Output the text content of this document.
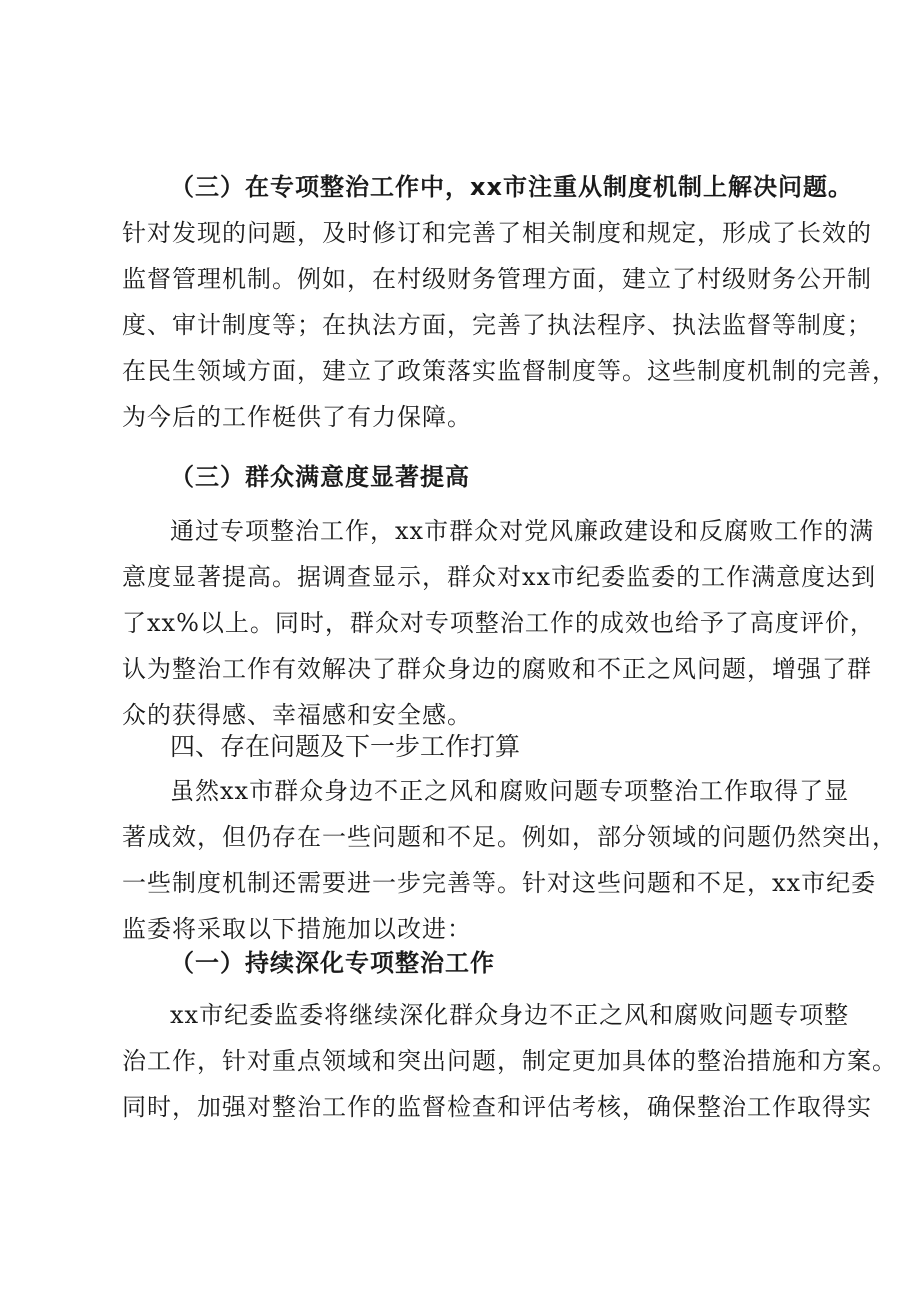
（三）在专项整治工作中，xx市注重从制度机制上解决问题。
针对发现的问题，及时修订和完善了相关制度和规定，形成了长效的
监督管理机制。例如，在村级财务管理方面，建立了村级财务公开制
度、审计制度等；在执法方面，完善了执法程序、执法监督等制度；
在民生领域方面，建立了政策落实监督制度等。这些制度机制的完善，
为今后的工作梃供了有力保障。
（三）群众满意度显著提高
通过专项整治工作，xx市群众对党风廉政建设和反腐败工作的满
意度显著提高。据调查显示，群众对xx市纪委监委的工作满意度达到
了xx%以上。同时，群众对专项整治工作的成效也给予了高度评价，
认为整治工作有效解决了群众身边的腐败和不正之风问题，增强了群
众的获得感、幸福感和安全感。
四、存在问题及下一步工作打算
虽然xx市群众身边不正之风和腐败问题专项整治工作取得了显
著成效，但仍存在一些问题和不足。例如，部分领域的问题仍然突出，
一些制度机制还需要进一步完善等。针对这些问题和不足，xx市纪委
监委将采取以下措施加以改进：
（一）持续深化专项整治工作
xx市纪委监委将继续深化群众身边不正之风和腐败问题专项整
治工作，针对重点领域和突出问题，制定更加具体的整治措施和方案。
同时，加强对整治工作的监督检查和评估考核，确保整治工作取得实
